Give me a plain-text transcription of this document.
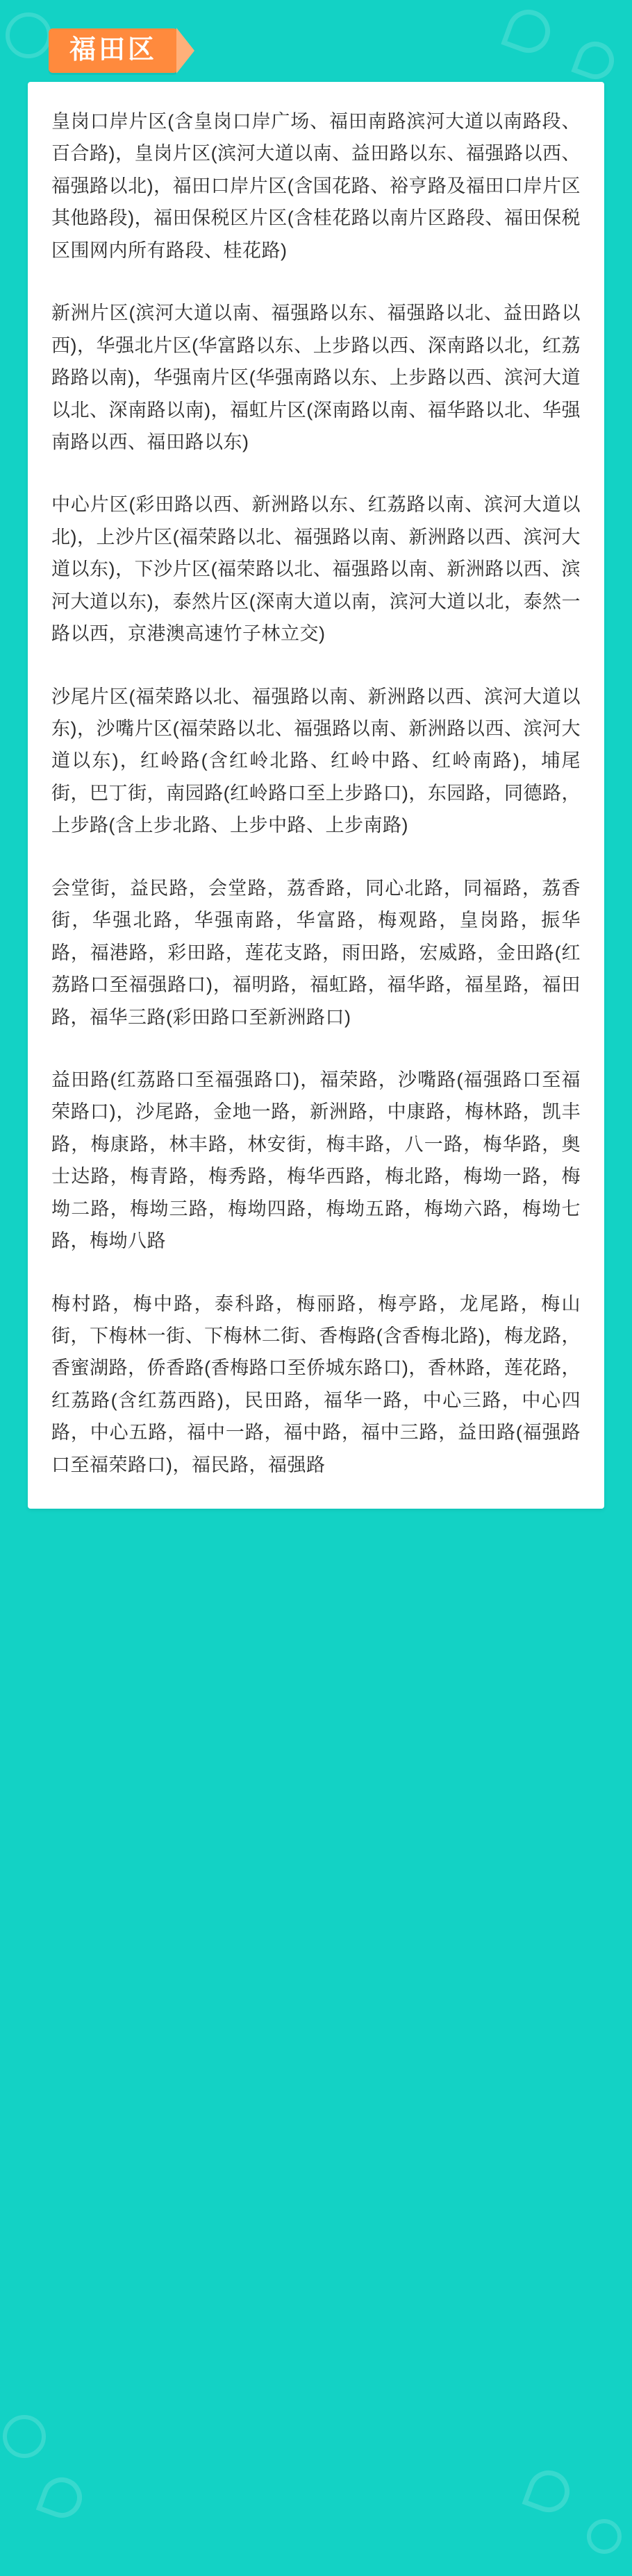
福田区

皇岗口岸片区(含皇岗口岸广场、福田南路滨河大道以南路段、百合路)，皇岗片区(滨河大道以南、益田路以东、福强路以西、福强路以北)，福田口岸片区(含国花路、裕亨路及福田口岸片区其他路段)，福田保税区片区(含桂花路以南片区路段、福田保税区围网内所有路段、桂花路)

新洲片区(滨河大道以南、福强路以东、福强路以北、益田路以西)，华强北片区(华富路以东、上步路以西、深南路以北，红荔路路以南)，华强南片区(华强南路以东、上步路以西、滨河大道以北、深南路以南)，福虹片区(深南路以南、福华路以北、华强南路以西、福田路以东)

中心片区(彩田路以西、新洲路以东、红荔路以南、滨河大道以北)，上沙片区(福荣路以北、福强路以南、新洲路以西、滨河大道以东)，下沙片区(福荣路以北、福强路以南、新洲路以西、滨河大道以东)，泰然片区(深南大道以南，滨河大道以北，泰然一路以西，京港澳高速竹子林立交)

沙尾片区(福荣路以北、福强路以南、新洲路以西、滨河大道以东)，沙嘴片区(福荣路以北、福强路以南、新洲路以西、滨河大道以东)，红岭路(含红岭北路、红岭中路、红岭南路)，埔尾街，巴丁街，南园路(红岭路口至上步路口)，东园路，同德路，上步路(含上步北路、上步中路、上步南路)

会堂街，益民路，会堂路，荔香路，同心北路，同福路，荔香街，华强北路，华强南路，华富路，梅观路，皇岗路，振华路，福港路，彩田路，莲花支路，雨田路，宏威路，金田路(红荔路口至福强路口)，福明路，福虹路，福华路，福星路，福田路，福华三路(彩田路口至新洲路口)

益田路(红荔路口至福强路口)，福荣路，沙嘴路(福强路口至福荣路口)，沙尾路，金地一路，新洲路，中康路，梅林路，凯丰路，梅康路，林丰路，林安街，梅丰路，八一路，梅华路，奥士达路，梅青路，梅秀路，梅华西路，梅北路，梅坳一路，梅坳二路，梅坳三路，梅坳四路，梅坳五路，梅坳六路，梅坳七路，梅坳八路

梅村路，梅中路，泰科路，梅丽路，梅亭路，龙尾路，梅山街，下梅林一街、下梅林二街、香梅路(含香梅北路)，梅龙路，香蜜湖路，侨香路(香梅路口至侨城东路口)，香林路，莲花路，红荔路(含红荔西路)，民田路，福华一路，中心三路，中心四路，中心五路，福中一路，福中路，福中三路，益田路(福强路口至福荣路口)，福民路，福强路
